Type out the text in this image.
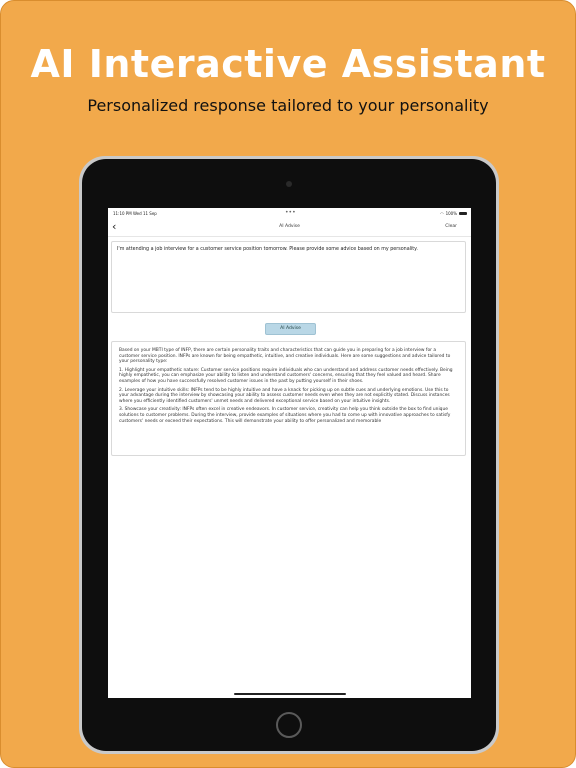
AI Interactive Assistant
Personalized response tailored to your personality
11:10 PM Wed 11 Sep	•••	◠ 100%
‹	AI Advise	Clear
I'm attending a job interview for a customer service position tomorrow. Please provide some advice based on my personality.
AI Advise

Based on your MBTI type of INFP, there are certain personality traits and characteristics that can guide you in preparing for a job interview for a customer service position. INFPs are known for being empathetic, intuitive, and creative individuals. Here are some suggestions and advice tailored to your personality type:

1. Highlight your empathetic nature: Customer service positions require individuals who can understand and address customer needs effectively. Being highly empathetic, you can emphasize your ability to listen and understand customers' concerns, ensuring that they feel valued and heard. Share examples of how you have successfully resolved customer issues in the past by putting yourself in their shoes.

2. Leverage your intuitive skills: INFPs tend to be highly intuitive and have a knack for picking up on subtle cues and underlying emotions. Use this to your advantage during the interview by showcasing your ability to assess customer needs even when they are not explicitly stated. Discuss instances where you efficiently identified customers' unmet needs and delivered exceptional service based on your intuitive insights.

3. Showcase your creativity: INFPs often excel in creative endeavors. In customer service, creativity can help you think outside the box to find unique solutions to customer problems. During the interview, provide examples of situations where you had to come up with innovative approaches to satisfy customers' needs or exceed their expectations. This will demonstrate your ability to offer personalized and memorable
